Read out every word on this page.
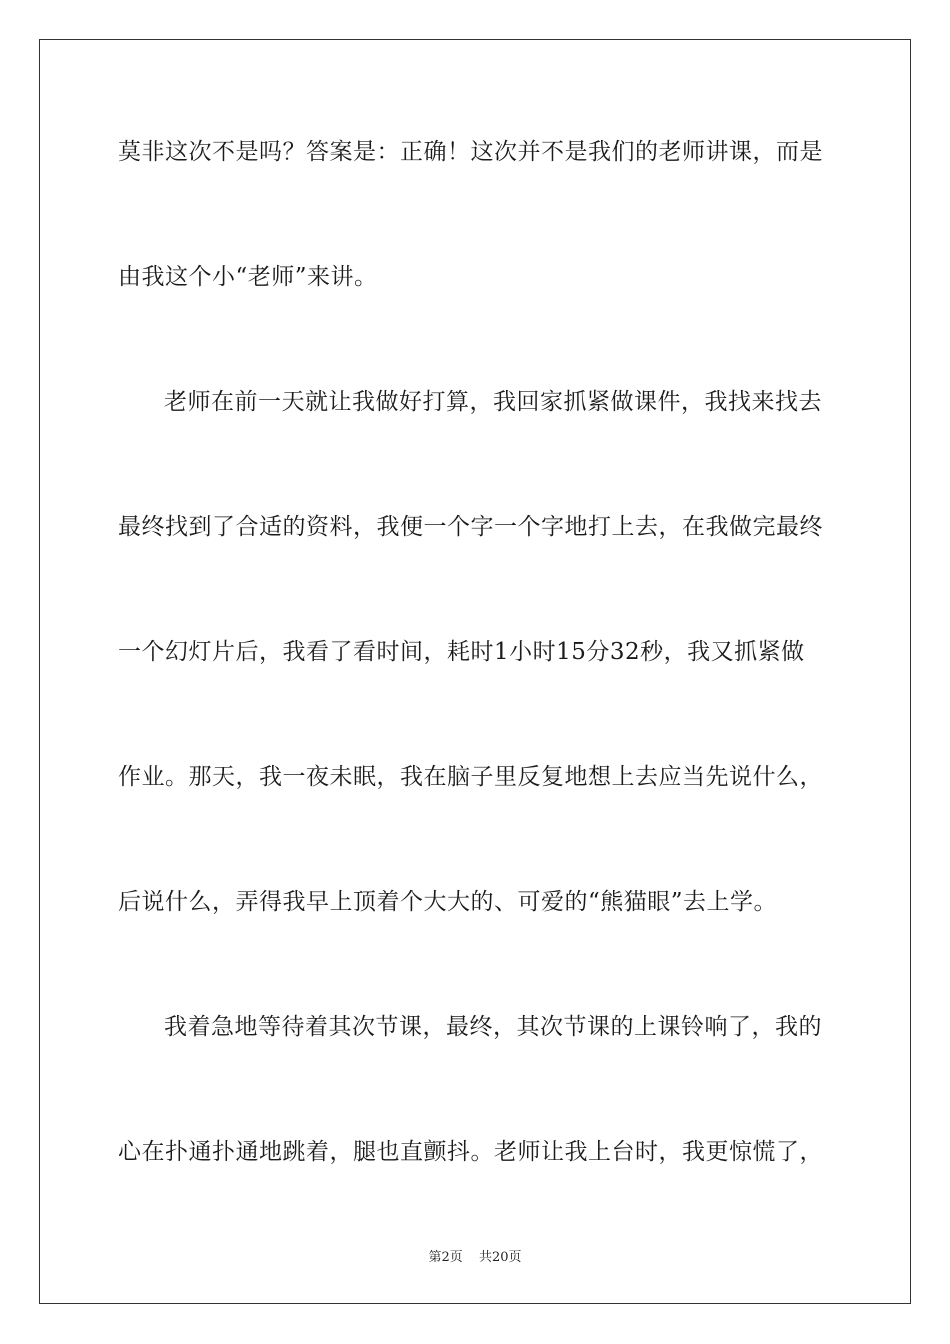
莫非这次不是吗？答案是：正确！这次并不是我们的老师讲课，而是
由我这个小“老师”来讲。
老师在前一天就让我做好打算，我回家抓紧做课件，我找来找去
最终找到了合适的资料，我便一个字一个字地打上去，在我做完最终
一个幻灯片后，我看了看时间，耗时1小时15分32秒，我又抓紧做
作业。那天，我一夜未眠，我在脑子里反复地想上去应当先说什么，
后说什么，弄得我早上顶着个大大的、可爱的“熊猫眼”去上学。
我着急地等待着其次节课，最终，其次节课的上课铃响了，我的
心在扑通扑通地跳着，腿也直颤抖。老师让我上台时，我更惊慌了，
第2页 共20页
